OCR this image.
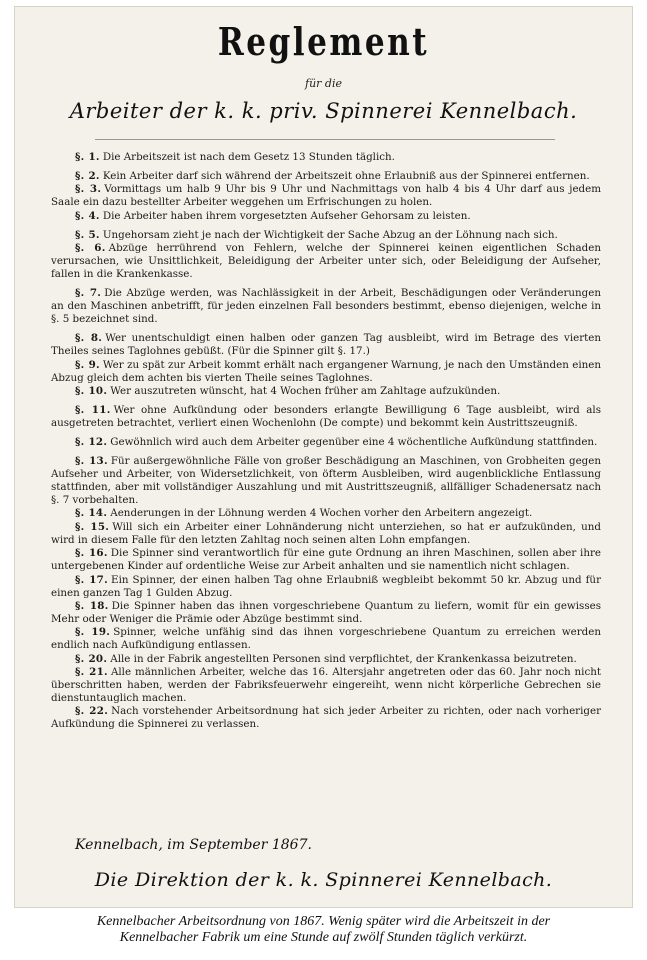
Reglement
für die
Arbeiter der k. k. priv. Spinnerei Kennelbach.
§. 1. Die Arbeitszeit ist nach dem Gesetz 13 Stunden täglich.
§. 2. Kein Arbeiter darf sich während der Arbeitszeit ohne Erlaubniß aus der Spinnerei entfernen.
§. 3. Vormittags um halb 9 Uhr bis 9 Uhr und Nachmittags von halb 4 bis 4 Uhr darf aus jedem Saale ein dazu bestellter Arbeiter weggehen um Erfrischungen zu holen.
§. 4. Die Arbeiter haben ihrem vorgesetzten Aufseher Gehorsam zu leisten.
§. 5. Ungehorsam zieht je nach der Wichtigkeit der Sache Abzug an der Löhnung nach sich.
§. 6. Abzüge herrührend von Fehlern, welche der Spinnerei keinen eigentlichen Schaden verursachen, wie Unsittlichkeit, Beleidigung der Arbeiter unter sich, oder Beleidigung der Aufseher, fallen in die Krankenkasse.
§. 7. Die Abzüge werden, was Nachlässigkeit in der Arbeit, Beschädigungen oder Veränderungen an den Maschinen anbetrifft, für jeden einzelnen Fall besonders bestimmt, ebenso diejenigen, welche in §. 5 bezeichnet sind.
§. 8. Wer unentschuldigt einen halben oder ganzen Tag ausbleibt, wird im Betrage des vierten Theiles seines Taglohnes gebüßt. (Für die Spinner gilt §. 17.)
§. 9. Wer zu spät zur Arbeit kommt erhält nach ergangener Warnung, je nach den Umständen einen Abzug gleich dem achten bis vierten Theile seines Taglohnes.
§. 10. Wer auszutreten wünscht, hat 4 Wochen früher am Zahltage aufzukünden.
§. 11. Wer ohne Aufkündung oder besonders erlangte Bewilligung 6 Tage ausbleibt, wird als ausgetreten betrachtet, verliert einen Wochenlohn (De compte) und bekommt kein Austrittszeugniß.
§. 12. Gewöhnlich wird auch dem Arbeiter gegenüber eine 4 wöchentliche Aufkündung stattfinden.
§. 13. Für außergewöhnliche Fälle von großer Beschädigung an Maschinen, von Grobheiten gegen Aufseher und Arbeiter, von Widersetzlichkeit, von öfterm Ausbleiben, wird augenblickliche Entlassung stattfinden, aber mit vollständiger Auszahlung und mit Austrittszeugniß, allfälliger Schadenersatz nach §. 7 vorbehalten.
§. 14. Aenderungen in der Löhnung werden 4 Wochen vorher den Arbeitern angezeigt.
§. 15. Will sich ein Arbeiter einer Lohnänderung nicht unterziehen, so hat er aufzukünden, und wird in diesem Falle für den letzten Zahltag noch seinen alten Lohn empfangen.
§. 16. Die Spinner sind verantwortlich für eine gute Ordnung an ihren Maschinen, sollen aber ihre untergebenen Kinder auf ordentliche Weise zur Arbeit anhalten und sie namentlich nicht schlagen.
§. 17. Ein Spinner, der einen halben Tag ohne Erlaubniß wegbleibt bekommt 50 kr. Abzug und für einen ganzen Tag 1 Gulden Abzug.
§. 18. Die Spinner haben das ihnen vorgeschriebene Quantum zu liefern, womit für ein gewisses Mehr oder Weniger die Prämie oder Abzüge bestimmt sind.
§. 19. Spinner, welche unfähig sind das ihnen vorgeschriebene Quantum zu erreichen werden endlich nach Aufkündigung entlassen.
§. 20. Alle in der Fabrik angestellten Personen sind verpflichtet, der Krankenkassa beizutreten.
§. 21. Alle männlichen Arbeiter, welche das 16. Altersjahr angetreten oder das 60. Jahr noch nicht überschritten haben, werden der Fabriksfeuerwehr eingereiht, wenn nicht körperliche Gebrechen sie dienstuntauglich machen.
§. 22. Nach vorstehender Arbeitsordnung hat sich jeder Arbeiter zu richten, oder nach vorheriger Aufkündung die Spinnerei zu verlassen.
Kennelbach, im September 1867.
Die Direktion der k. k. Spinnerei Kennelbach.
Kennelbacher Arbeitsordnung von 1867. Wenig später wird die Arbeitszeit in der
Kennelbacher Fabrik um eine Stunde auf zwölf Stunden täglich verkürzt.
